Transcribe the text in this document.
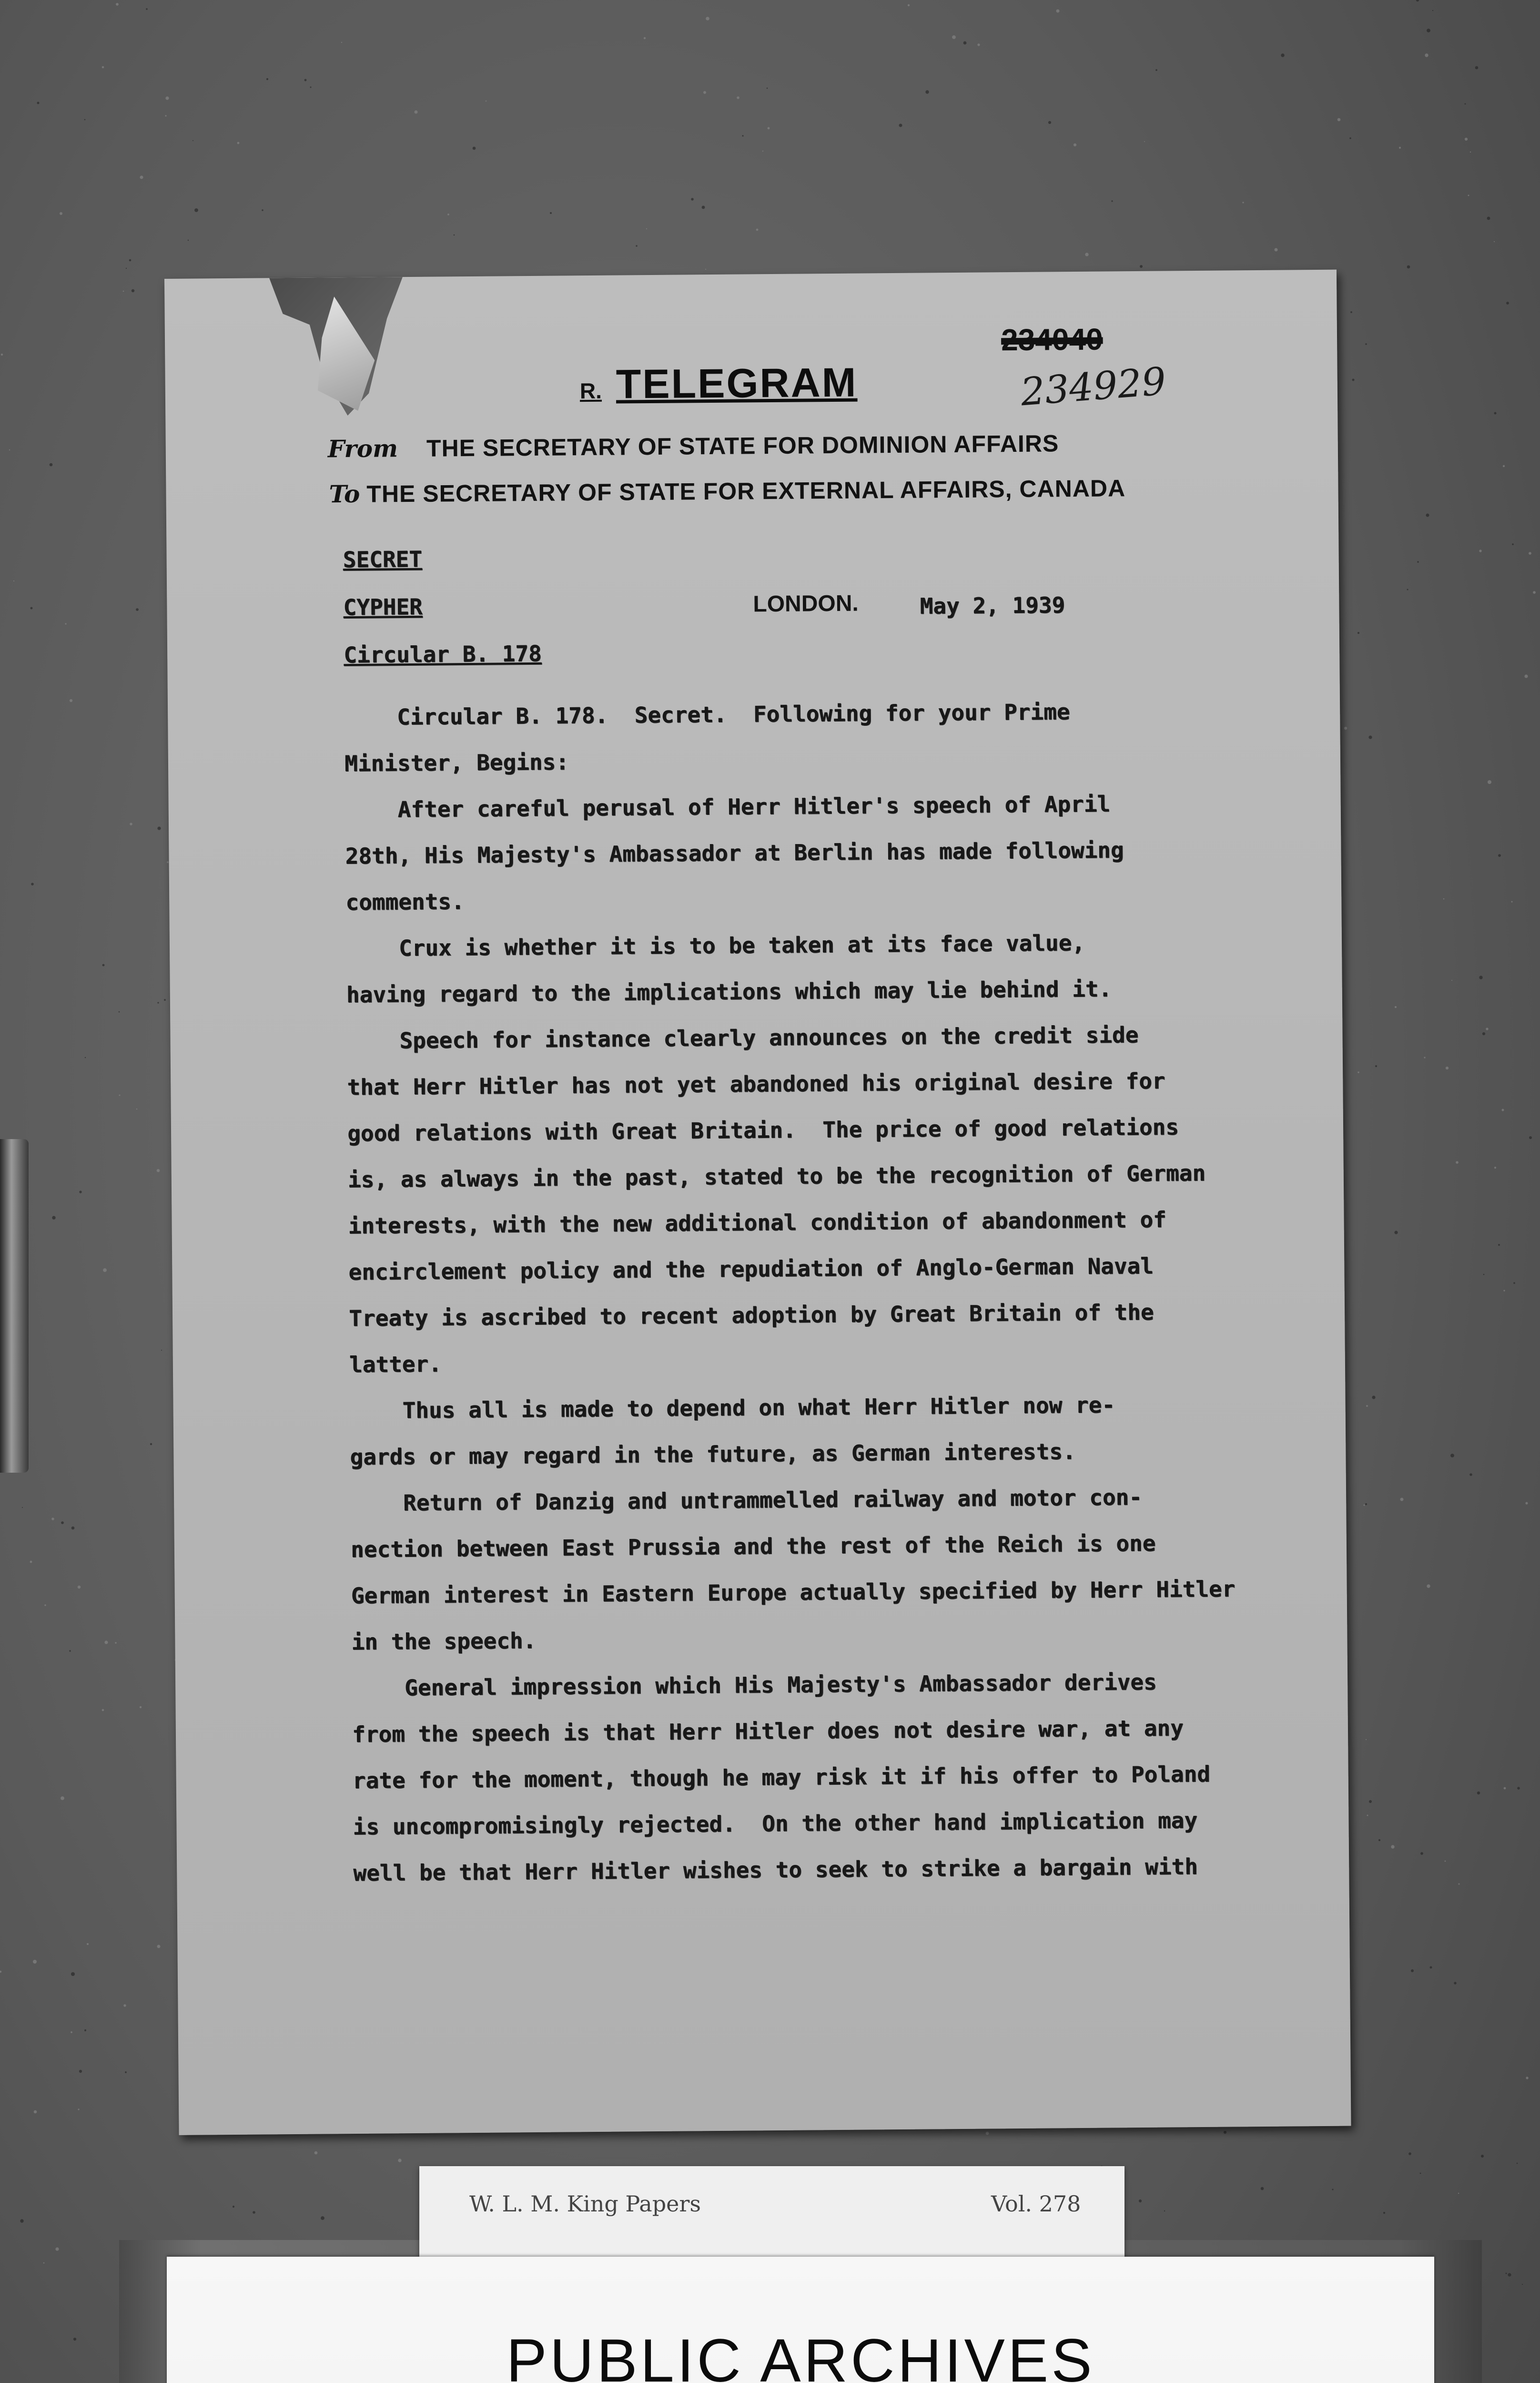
R. TELEGRAM
234040
234929
From THE SECRETARY OF STATE FOR DOMINION AFFAIRS
To THE SECRETARY OF STATE FOR EXTERNAL AFFAIRS, CANADA
SECRET
CYPHER
Circular B. 178
LONDON.	May 2, 1939
Circular B. 178.  Secret.  Following for your Prime
Minister, Begins:
After careful perusal of Herr Hitler's speech of April
28th, His Majesty's Ambassador at Berlin has made following
comments.
Crux is whether it is to be taken at its face value,
having regard to the implications which may lie behind it.
Speech for instance clearly announces on the credit side
that Herr Hitler has not yet abandoned his original desire for
good relations with Great Britain.  The price of good relations
is, as always in the past, stated to be the recognition of German
interests, with the new additional condition of abandonment of
encirclement policy and the repudiation of Anglo-German Naval
Treaty is ascribed to recent adoption by Great Britain of the
latter.
Thus all is made to depend on what Herr Hitler now re-
gards or may regard in the future, as German interests.
Return of Danzig and untrammelled railway and motor con-
nection between East Prussia and the rest of the Reich is one
German interest in Eastern Europe actually specified by Herr Hitler
in the speech.
General impression which His Majesty's Ambassador derives
from the speech is that Herr Hitler does not desire war, at any
rate for the moment, though he may risk it if his offer to Poland
is uncompromisingly rejected.  On the other hand implication may
well be that Herr Hitler wishes to seek to strike a bargain with
W. L. M. King Papers	Vol. 278
PUBLIC ARCHIVES
